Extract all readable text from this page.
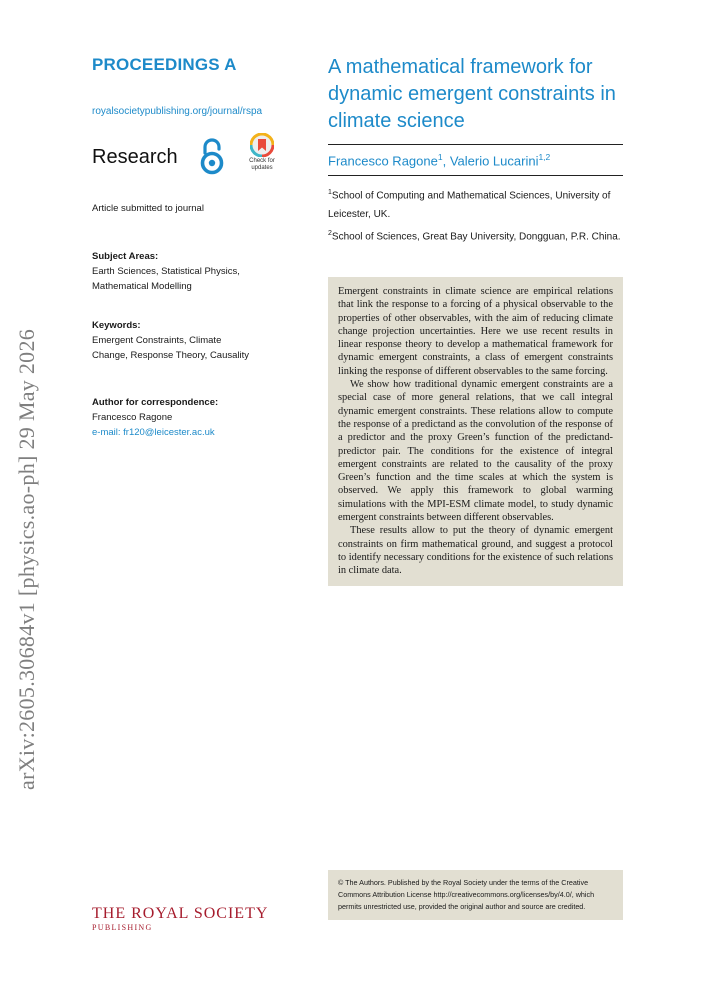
arXiv:2605.30684v1 [physics.ao-ph] 29 May 2026
PROCEEDINGS A
royalsocietypublishing.org/journal/rspa
Research	Check for
updates
Article submitted to journal
Subject Areas:
Earth Sciences, Statistical Physics,
Mathematical Modelling
Keywords:
Emergent Constraints, Climate
Change, Response Theory, Causality
Author for correspondence:
Francesco Ragone
e-mail: fr120@leicester.ac.uk
A mathematical framework for dynamic emergent constraints in climate science
Francesco Ragone$^1$, Valerio Lucarini$^{1,2}$
$^1$School of Computing and Mathematical Sciences, University of Leicester, UK.
$^2$School of Sciences, Great Bay University, Dongguan, P.R. China.

Emergent constraints in climate science are empirical relations that link the response to a forcing of a physical observable to the properties of other observables, with the aim of reducing climate change projection uncertainties. Here we use recent results in linear response theory to develop a mathematical framework for dynamic emergent constraints, a class of emergent constraints linking the response of different observables to the same forcing.

We show how traditional dynamic emergent constraints are a special case of more general relations, that we call integral dynamic emergent constraints. These relations allow to compute the response of a predictand as the convolution of the response of a predictor and the proxy Green’s function of the predictand-predictor pair. The conditions for the existence of integral emergent constraints are related to the causality of the proxy Green’s function and the time scales at which the system is observed. We apply this framework to global warming simulations with the MPI-ESM climate model, to study dynamic emergent constraints between different observables.

These results allow to put the theory of dynamic emergent constraints on firm mathematical ground, and suggest a protocol to identify necessary conditions for the existence of such relations in climate data.

© The Authors. Published by the Royal Society under the terms of the Creative Commons Attribution License http://creativecommons.org/licenses/by/4.0/, which permits unrestricted use, provided the original author and source are credited.
THE ROYAL SOCIETY
PUBLISHING
